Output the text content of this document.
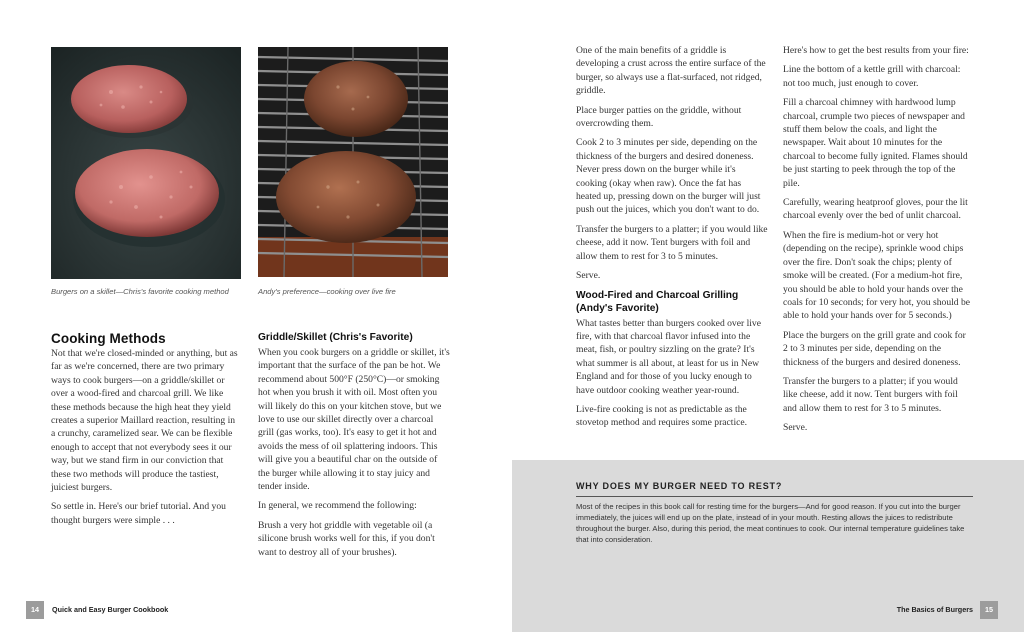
Burgers on a skillet—Chris's favorite cooking method	Andy's preference—cooking over live fire
Cooking Methods

Not that we're closed-minded or anything, but as far as we're concerned, there are two primary ways to cook burgers—on a griddle/skillet or over a wood-fired and charcoal grill. We like these methods because the high heat they yield creates a superior Maillard reaction, resulting in a crunchy, caramelized sear. We can be flexible enough to accept that not everybody sees it our way, but we stand firm in our conviction that these two methods will produce the tastiest, juiciest burgers.

So settle in. Here's our brief tutorial. And you thought burgers were simple . . .

Griddle/Skillet (Chris's Favorite)

When you cook burgers on a griddle or skillet, it's important that the surface of the pan be hot. We recommend about 500°F (250°C)—or smoking hot when you brush it with oil. Most often you will likely do this on your kitchen stove, but we love to use our skillet directly over a charcoal grill (gas works, too). It's easy to get it hot and avoids the mess of oil splattering indoors. This will give you a beautiful char on the outside of the burger while allowing it to stay juicy and tender inside.

In general, we recommend the following:

Brush a very hot griddle with vegetable oil (a silicone brush works well for this, if you don't want to destroy all of your brushes).

14	Quick and Easy Burger Cookbook

One of the main benefits of a griddle is developing a crust across the entire surface of the burger, so always use a flat-surfaced, not ridged, griddle.

Place burger patties on the griddle, without overcrowding them.

Cook 2 to 3 minutes per side, depending on the thickness of the burgers and desired doneness. Never press down on the burger while it's cooking (okay when raw). Once the fat has heated up, pressing down on the burger will just push out the juices, which you don't want to do.

Transfer the burgers to a platter; if you would like cheese, add it now. Tent burgers with foil and allow them to rest for 3 to 5 minutes.

Serve.

Wood-Fired and Charcoal Grilling (Andy's Favorite)

What tastes better than burgers cooked over live fire, with that charcoal flavor infused into the meat, fish, or poultry sizzling on the grate? It's what summer is all about, at least for us in New England and for those of you lucky enough to have outdoor cooking weather year-round.

Live-fire cooking is not as predictable as the stovetop method and requires some practice.

Here's how to get the best results from your fire:

Line the bottom of a kettle grill with charcoal: not too much, just enough to cover.

Fill a charcoal chimney with hardwood lump charcoal, crumple two pieces of newspaper and stuff them below the coals, and light the newspaper. Wait about 10 minutes for the charcoal to become fully ignited. Flames should be just starting to peek through the top of the pile.

Carefully, wearing heatproof gloves, pour the lit charcoal evenly over the bed of unlit charcoal.

When the fire is medium-hot or very hot (depending on the recipe), sprinkle wood chips over the fire. Don't soak the chips; plenty of smoke will be created. (For a medium-hot fire, you should be able to hold your hands over the coals for 10 seconds; for very hot, you should be able to hold your hands over for 5 seconds.)

Place the burgers on the grill grate and cook for 2 to 3 minutes per side, depending on the thickness of the burgers and desired doneness.

Transfer the burgers to a platter; if you would like cheese, add it now. Tent burgers with foil and allow them to rest for 3 to 5 minutes.

Serve.

WHY DOES MY BURGER NEED TO REST?
Most of the recipes in this book call for resting time for the burgers—And for good reason. If you cut into the burger immediately, the juices will end up on the plate, instead of in your mouth. Resting allows the juices to redistribute throughout the burger. Also, during this period, the meat continues to cook. Our internal temperature guidelines take that into consideration.
The Basics of Burgers	15
